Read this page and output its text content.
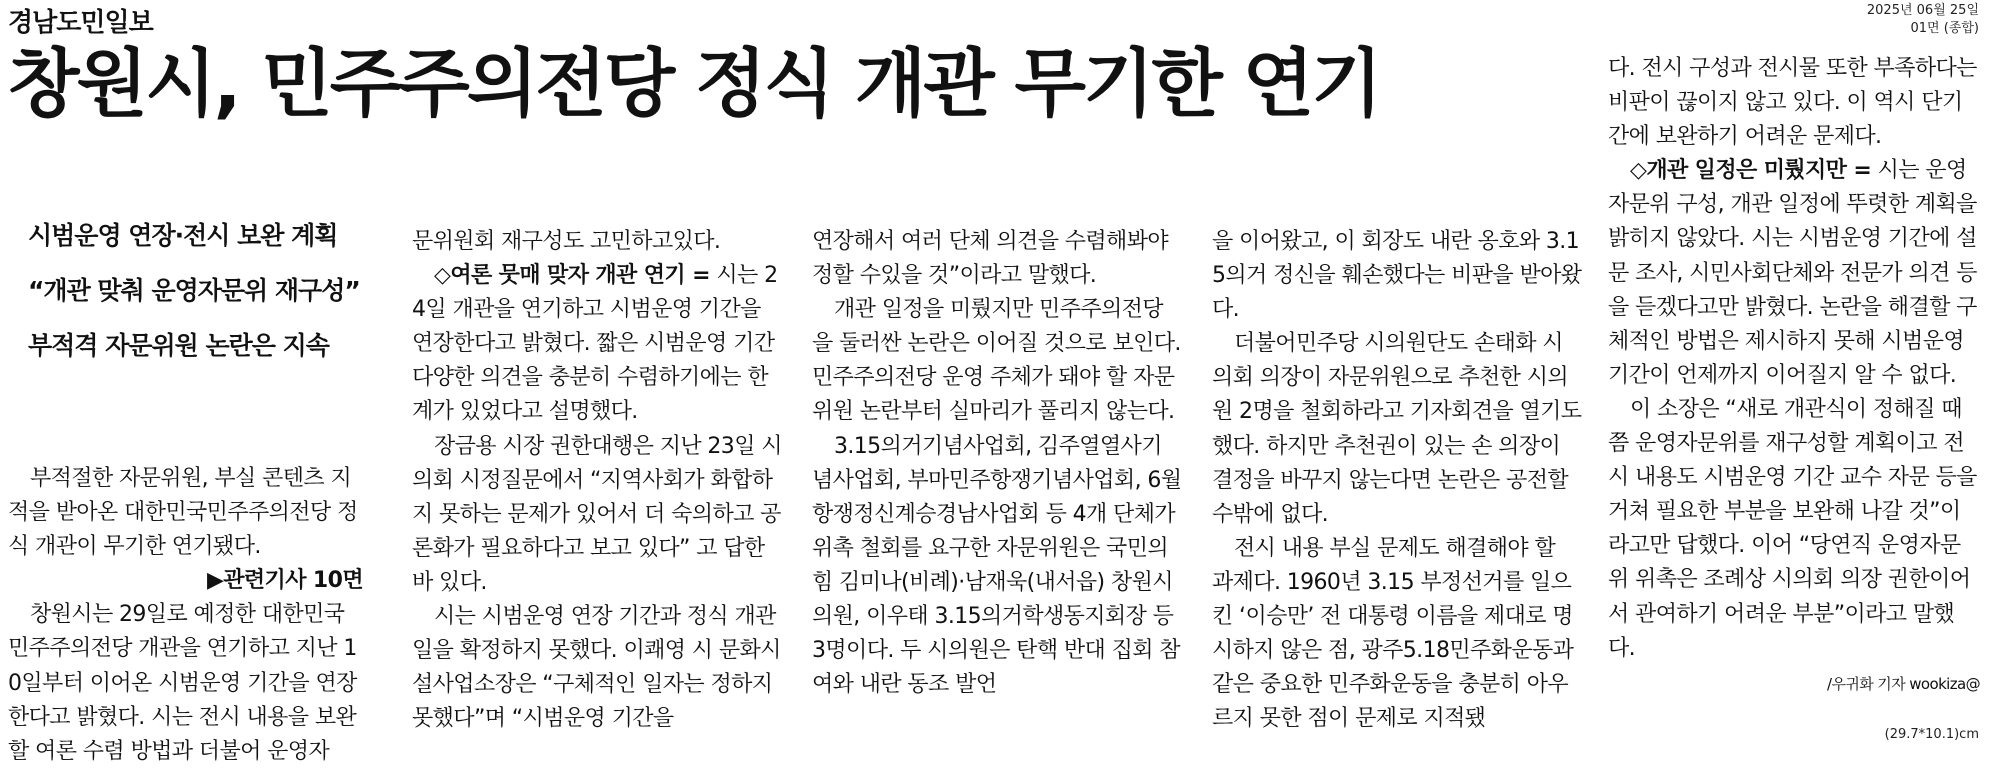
경남도민일보	2025년 06월 25일
01면 (종합)
창원시, 민주주의전당 정식 개관 무기한 연기
시범운영 연장·전시 보완 계획
“개관 맞춰 운영자문위 재구성”
부적격 자문위원 논란은 지속

부적절한 자문위원, 부실 콘텐츠 지적을 받아온 대한민국민주주의전당 정식 개관이 무기한 연기됐다.

▶관련기사 10면

창원시는 29일로 예정한 대한민국 민주주의전당 개관을 연기하고 지난 10일부터 이어온 시범운영 기간을 연장한다고 밝혔다. 시는 전시 내용을 보완할 여론 수렴 방법과 더불어 운영자

문위원회 재구성도 고민하고있다.

◇여론 뭇매 맞자 개관 연기 = 시는 24일 개관을 연기하고 시범운영 기간을 연장한다고 밝혔다. 짧은 시범운영 기간 다양한 의견을 충분히 수렴하기에는 한계가 있었다고 설명했다.

장금용 시장 권한대행은 지난 23일 시의회 시정질문에서 “지역사회가 화합하지 못하는 문제가 있어서 더 숙의하고 공론화가 필요하다고 보고 있다” 고 답한 바 있다.

시는 시범운영 연장 기간과 정식 개관일을 확정하지 못했다. 이쾌영 시 문화시설사업소장은 “구체적인 일자는 정하지 못했다”며 “시범운영 기간을

연장해서 여러 단체 의견을 수렴해봐야 정할 수있을 것”이라고 말했다.

개관 일정을 미뤘지만 민주주의전당을 둘러싼 논란은 이어질 것으로 보인다. 민주주의전당 운영 주체가 돼야 할 자문위원 논란부터 실마리가 풀리지 않는다.

3.15의거기념사업회, 김주열열사기념사업회, 부마민주항쟁기념사업회, 6월항쟁정신계승경남사업회 등 4개 단체가 위촉 철회를 요구한 자문위원은 국민의힘 김미나(비례)·남재욱(내서읍) 창원시의원, 이우태 3.15의거학생동지회장 등 3명이다. 두 시의원은 탄핵 반대 집회 참여와 내란 동조 발언

을 이어왔고, 이 회장도 내란 옹호와 3.15의거 정신을 훼손했다는 비판을 받아왔다.

더불어민주당 시의원단도 손태화 시의회 의장이 자문위원으로 추천한 시의원 2명을 철회하라고 기자회견을 열기도 했다. 하지만 추천권이 있는 손 의장이 결정을 바꾸지 않는다면 논란은 공전할 수밖에 없다.

전시 내용 부실 문제도 해결해야 할 과제다. 1960년 3.15 부정선거를 일으킨 ‘이승만’ 전 대통령 이름을 제대로 명시하지 않은 점, 광주5.18민주화운동과 같은 중요한 민주화운동을 충분히 아우르지 못한 점이 문제로 지적됐

다. 전시 구성과 전시물 또한 부족하다는 비판이 끊이지 않고 있다. 이 역시 단기간에 보완하기 어려운 문제다.

◇개관 일정은 미뤘지만 = 시는 운영자문위 구성, 개관 일정에 뚜렷한 계획을 밝히지 않았다. 시는 시범운영 기간에 설문 조사, 시민사회단체와 전문가 의견 등을 듣겠다고만 밝혔다. 논란을 해결할 구체적인 방법은 제시하지 못해 시범운영 기간이 언제까지 이어질지 알 수 없다.

이 소장은 “새로 개관식이 정해질 때쯤 운영자문위를 재구성할 계획이고 전시 내용도 시범운영 기간 교수 자문 등을 거쳐 필요한 부분을 보완해 나갈 것”이라고만 답했다. 이어 “당연직 운영자문위 위촉은 조례상 시의회 의장 권한이어서 관여하기 어려운 부분”이라고 말했다.

/우귀화 기자 wookiza@
(29.7*10.1)cm
